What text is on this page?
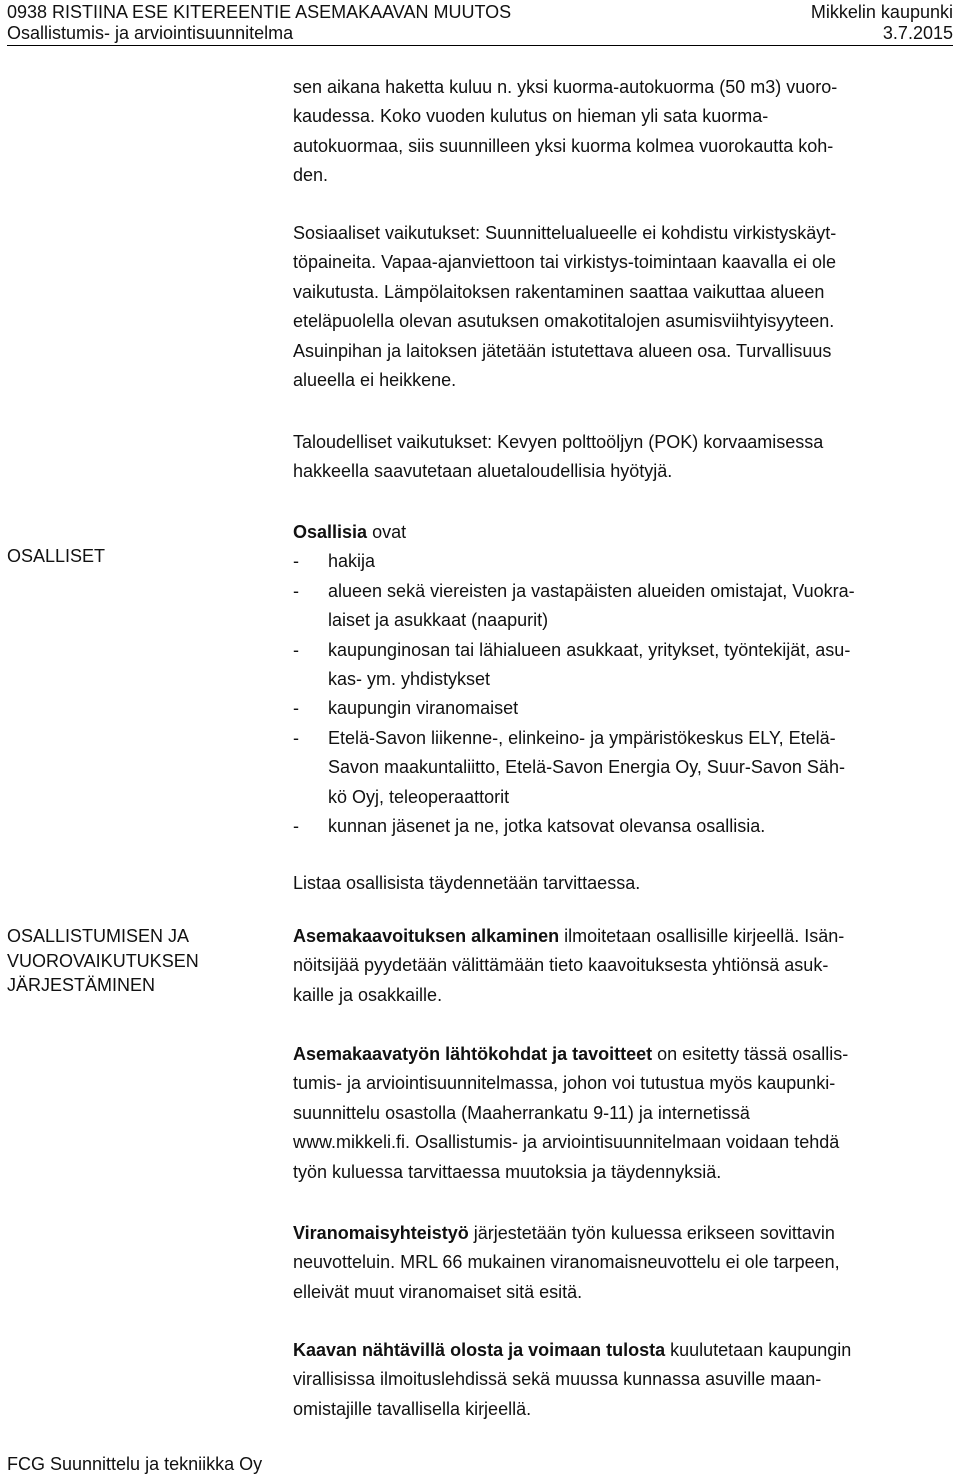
0938 RISTIINA ESE KITEREENTIE ASEMAKAAVAN MUUTOS	Mikkelin kaupunki
Osallistumis- ja arviointisuunnitelma	3.7.2015
sen aikana haketta kuluu n. yksi kuorma-autokuorma (50 m3) vuoro-
kaudessa. Koko vuoden kulutus on hieman yli sata kuorma-
autokuormaa, siis suunnilleen yksi kuorma kolmea vuorokautta koh-
den.
Sosiaaliset vaikutukset: Suunnittelualueelle ei kohdistu virkistyskäyt-
töpaineita. Vapaa-ajanviettoon tai virkistys-toimintaan kaavalla ei ole
vaikutusta. Lämpölaitoksen rakentaminen saattaa vaikuttaa alueen
eteläpuolella olevan asutuksen omakotitalojen asumisviihtyisyyteen.
Asuinpihan ja laitoksen jätetään istutettava alueen osa. Turvallisuus
alueella ei heikkene.
Taloudelliset vaikutukset: Kevyen polttoöljyn (POK) korvaamisessa
hakkeella saavutetaan aluetaloudellisia hyötyjä.
OSALLISET
Osallisia ovat
-	hakija
-	alueen sekä viereisten ja vastapäisten alueiden omistajat, Vuokra-
laiset ja asukkaat (naapurit)
-	kaupunginosan tai lähialueen asukkaat, yritykset, työntekijät, asu-
kas- ym. yhdistykset
-	kaupungin viranomaiset
-	Etelä-Savon liikenne-, elinkeino- ja ympäristökeskus ELY, Etelä-
Savon maakuntaliitto, Etelä-Savon Energia Oy, Suur-Savon Säh-
kö Oyj, teleoperaattorit
-	kunnan jäsenet ja ne, jotka katsovat olevansa osallisia.
Listaa osallisista täydennetään tarvittaessa.
OSALLISTUMISEN JA
VUOROVAIKUTUKSEN
JÄRJESTÄMINEN
Asemakaavoituksen alkaminen ilmoitetaan osallisille kirjeellä. Isän-
nöitsijää pyydetään välittämään tieto kaavoituksesta yhtiönsä asuk-
kaille ja osakkaille.
Asemakaavatyön lähtökohdat ja tavoitteet on esitetty tässä osallis-
tumis- ja arviointisuunnitelmassa, johon voi tutustua myös kaupunki-
suunnittelu osastolla (Maaherrankatu 9-11) ja internetissä
www.mikkeli.fi. Osallistumis- ja arviointisuunnitelmaan voidaan tehdä
työn kuluessa tarvittaessa muutoksia ja täydennyksiä.
Viranomaisyhteistyö järjestetään työn kuluessa erikseen sovittavin
neuvotteluin. MRL 66 mukainen viranomaisneuvottelu ei ole tarpeen,
elleivät muut viranomaiset sitä esitä.
Kaavan nähtävillä olosta ja voimaan tulosta kuulutetaan kaupungin
virallisissa ilmoituslehdissä sekä muussa kunnassa asuville maan-
omistajille tavallisella kirjeellä.
FCG Suunnittelu ja tekniikka Oy
